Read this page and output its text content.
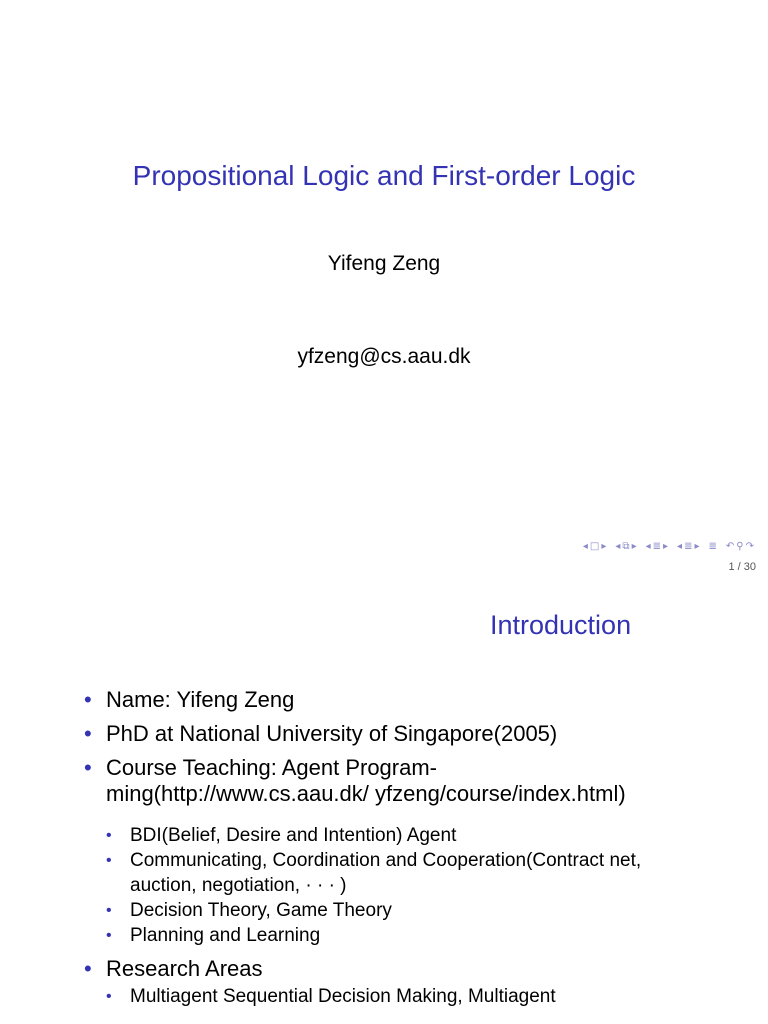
Propositional Logic and First-order Logic
Yifeng Zeng
yfzeng@cs.aau.dk
◂ □ ▸ ◂ ⧉ ▸ ◂ ≣ ▸ ◂ ≣ ▸ ≣ ↶ ⚲ ↷
1 / 30
Introduction
• Name: Yifeng Zeng
• PhD at National University of Singapore(2005)
• Course Teaching: Agent Program-
ming(http://www.cs.aau.dk/ yfzeng/course/index.html)
• BDI(Belief, Desire and Intention) Agent
• Communicating, Coordination and Cooperation(Contract net, auction, negotiation, · · · )
• Decision Theory, Game Theory
• Planning and Learning
• Research Areas
• Multiagent Sequential Decision Making, Multiagent
